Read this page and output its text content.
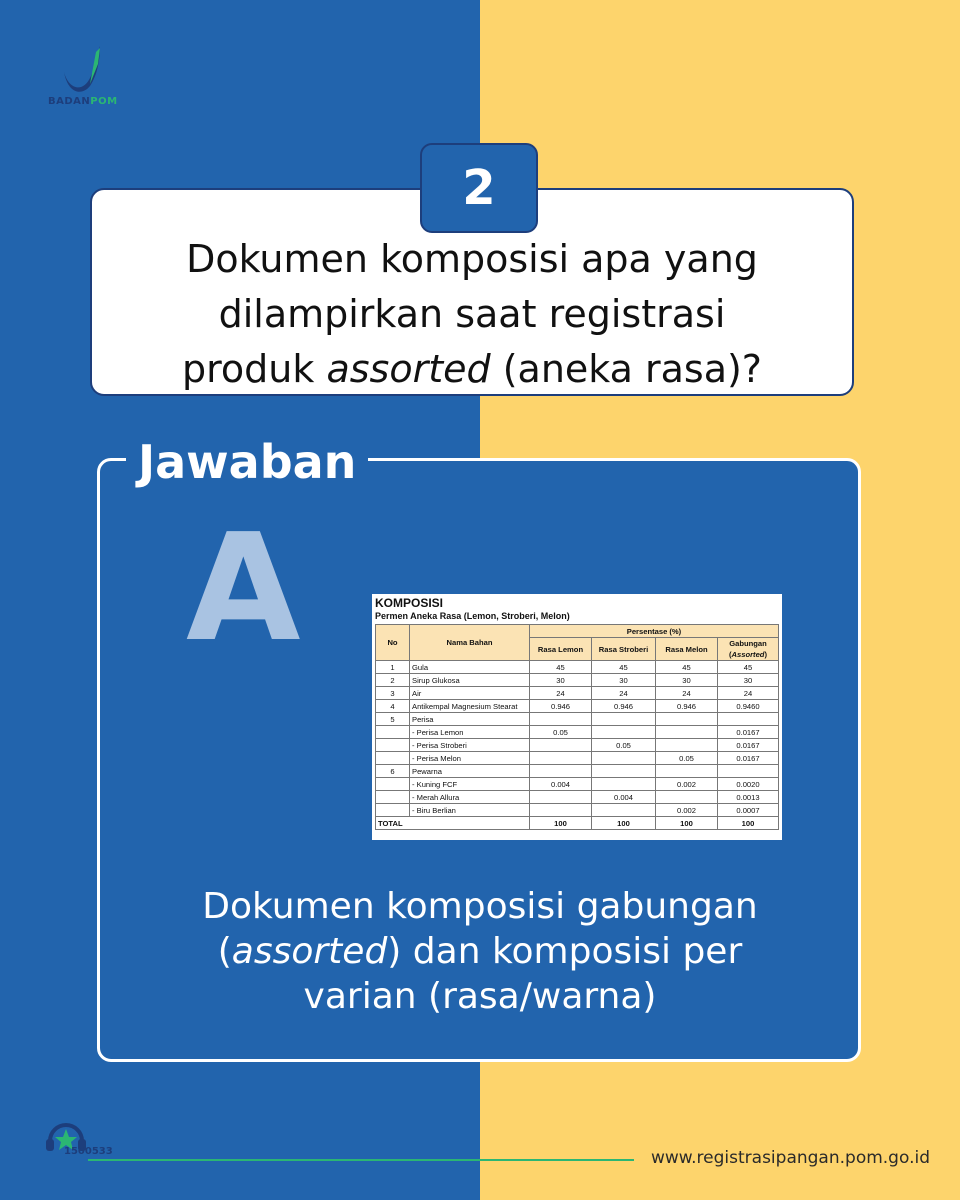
BADANPOM
Dokumen komposisi apa yang
dilampirkan saat registrasi
produk assorted (aneka rasa)?
2
Jawaban
A	KOMPOSISI
Permen Aneka Rasa (Lemon, Stroberi, Melon)
No	Nama Bahan	Persentase (%)			
		Rasa Lemon	Rasa Stroberi	Rasa Melon	Gabungan
(Assorted)
1	Gula	45	45	45	45
2	Sirup Glukosa	30	30	30	30
3	Air	24	24	24	24
4	Antikempal Magnesium Stearat	0.946	0.946	0.946	0.9460
5	Perisa				
	- Perisa Lemon	0.05			0.0167
	- Perisa Stroberi		0.05		0.0167
	- Perisa Melon			0.05	0.0167
6	Pewarna				
	- Kuning FCF	0.004		0.002	0.0020
	- Merah Allura		0.004		0.0013
	- Biru Berlian			0.002	0.0007
TOTAL		100	100	100	100
Dokumen komposisi gabungan
(assorted) dan komposisi per
varian (rasa/warna)
1500533	www.registrasipangan.pom.go.id
